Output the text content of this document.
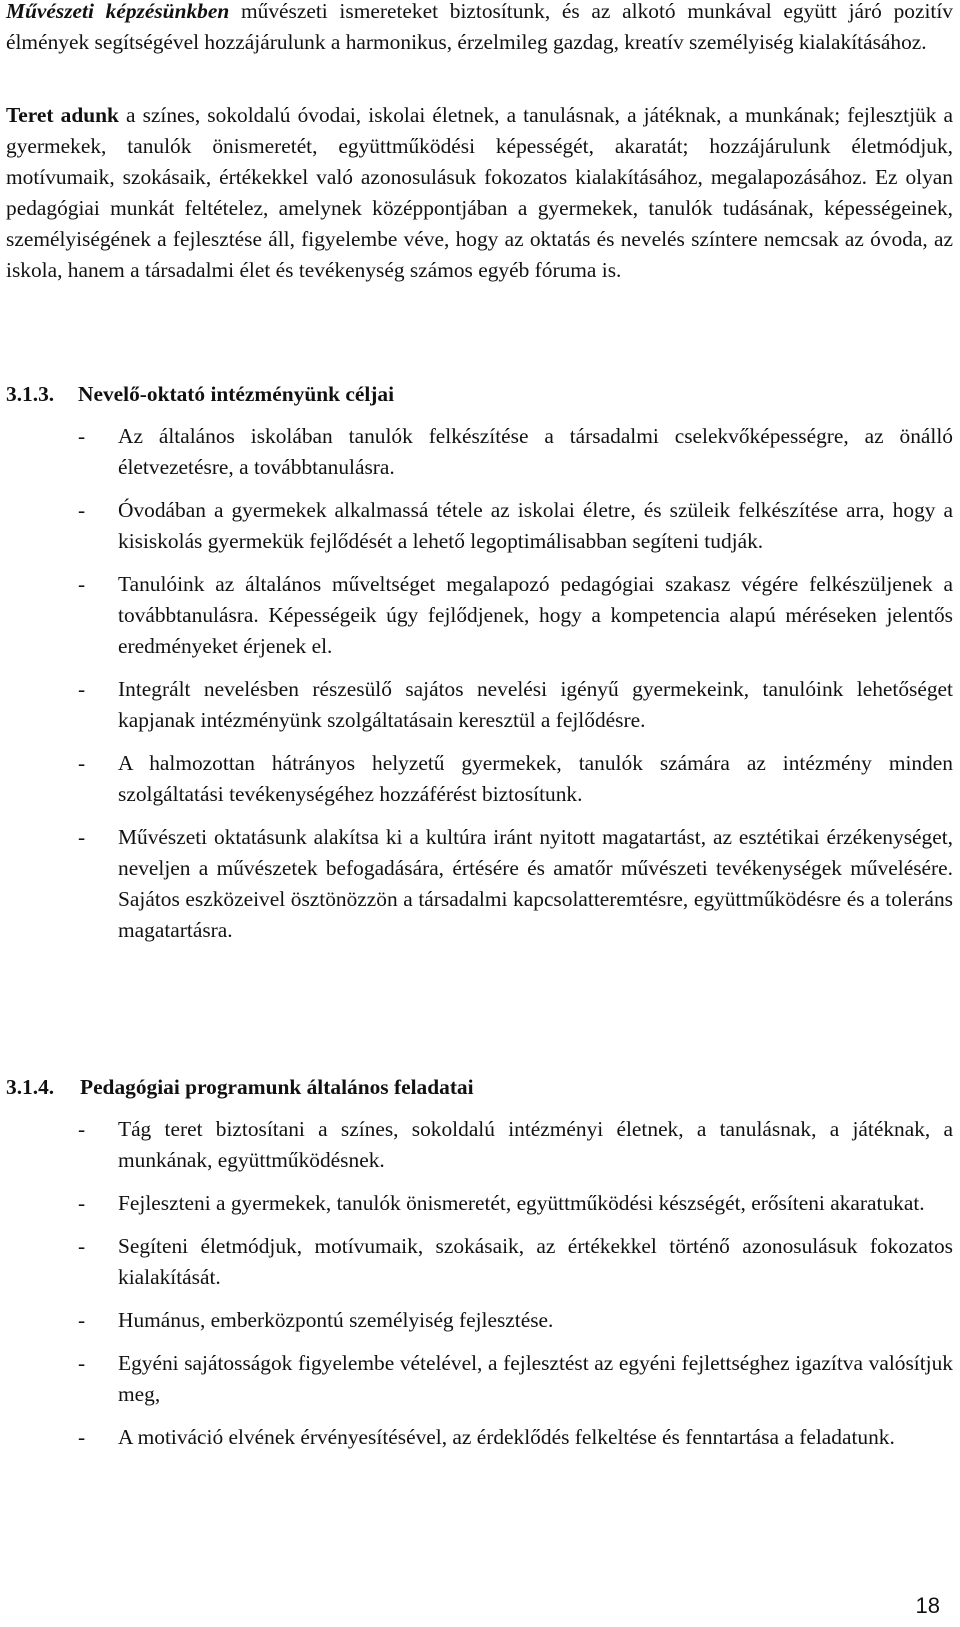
Művészeti képzésünkben művészeti ismereteket biztosítunk, és az alkotó munkával együtt járó pozitív élmények segítségével hozzájárulunk a harmonikus, érzelmileg gazdag, kreatív személyiség kialakításához.

Teret adunk a színes, sokoldalú óvodai, iskolai életnek, a tanulásnak, a játéknak, a munkának; fejlesztjük a gyermekek, tanulók önismeretét, együttműködési képességét, akaratát; hozzájárulunk életmódjuk, motívumaik, szokásaik, értékekkel való azonosulásuk fokozatos kialakításához, megalapozásához. Ez olyan pedagógiai munkát feltételez, amelynek középpontjában a gyermekek, tanulók tudásának, képességeinek, személyiségének a fejlesztése áll, figyelembe véve, hogy az oktatás és nevelés színtere nemcsak az óvoda, az iskola, hanem a társadalmi élet és tevékenység számos egyéb fóruma is.

3.1.3. Nevelő-oktató intézményünk céljai
- Az általános iskolában tanulók felkészítése a társadalmi cselekvőképességre, az önálló életvezetésre, a továbbtanulásra.
- Óvodában a gyermekek alkalmassá tétele az iskolai életre, és szüleik felkészítése arra, hogy a kisiskolás gyermekük fejlődését a lehető legoptimálisabban segíteni tudják.
- Tanulóink az általános műveltséget megalapozó pedagógiai szakasz végére felkészüljenek a továbbtanulásra. Képességeik úgy fejlődjenek, hogy a kompetencia alapú méréseken jelentős eredményeket érjenek el.
- Integrált nevelésben részesülő sajátos nevelési igényű gyermekeink, tanulóink lehetőséget kapjanak intézményünk szolgáltatásain keresztül a fejlődésre.
- A halmozottan hátrányos helyzetű gyermekek, tanulók számára az intézmény minden szolgáltatási tevékenységéhez hozzáférést biztosítunk.
- Művészeti oktatásunk alakítsa ki a kultúra iránt nyitott magatartást, az esztétikai érzékenységet, neveljen a művészetek befogadására, értésére és amatőr művészeti tevékenységek művelésére. Sajátos eszközeivel ösztönözzön a társadalmi kapcsolatteremtésre, együttműködésre és a toleráns magatartásra.
3.1.4. Pedagógiai programunk általános feladatai
- Tág teret biztosítani a színes, sokoldalú intézményi életnek, a tanulásnak, a játéknak, a munkának, együttműködésnek.
- Fejleszteni a gyermekek, tanulók önismeretét, együttműködési készségét, erősíteni akaratukat.
- Segíteni életmódjuk, motívumaik, szokásaik, az értékekkel történő azonosulásuk fokozatos kialakítását.
- Humánus, emberközpontú személyiség fejlesztése.
- Egyéni sajátosságok figyelembe vételével, a fejlesztést az egyéni fejlettséghez igazítva valósítjuk meg,
- A motiváció elvének érvényesítésével, az érdeklődés felkeltése és fenntartása a feladatunk.
18
